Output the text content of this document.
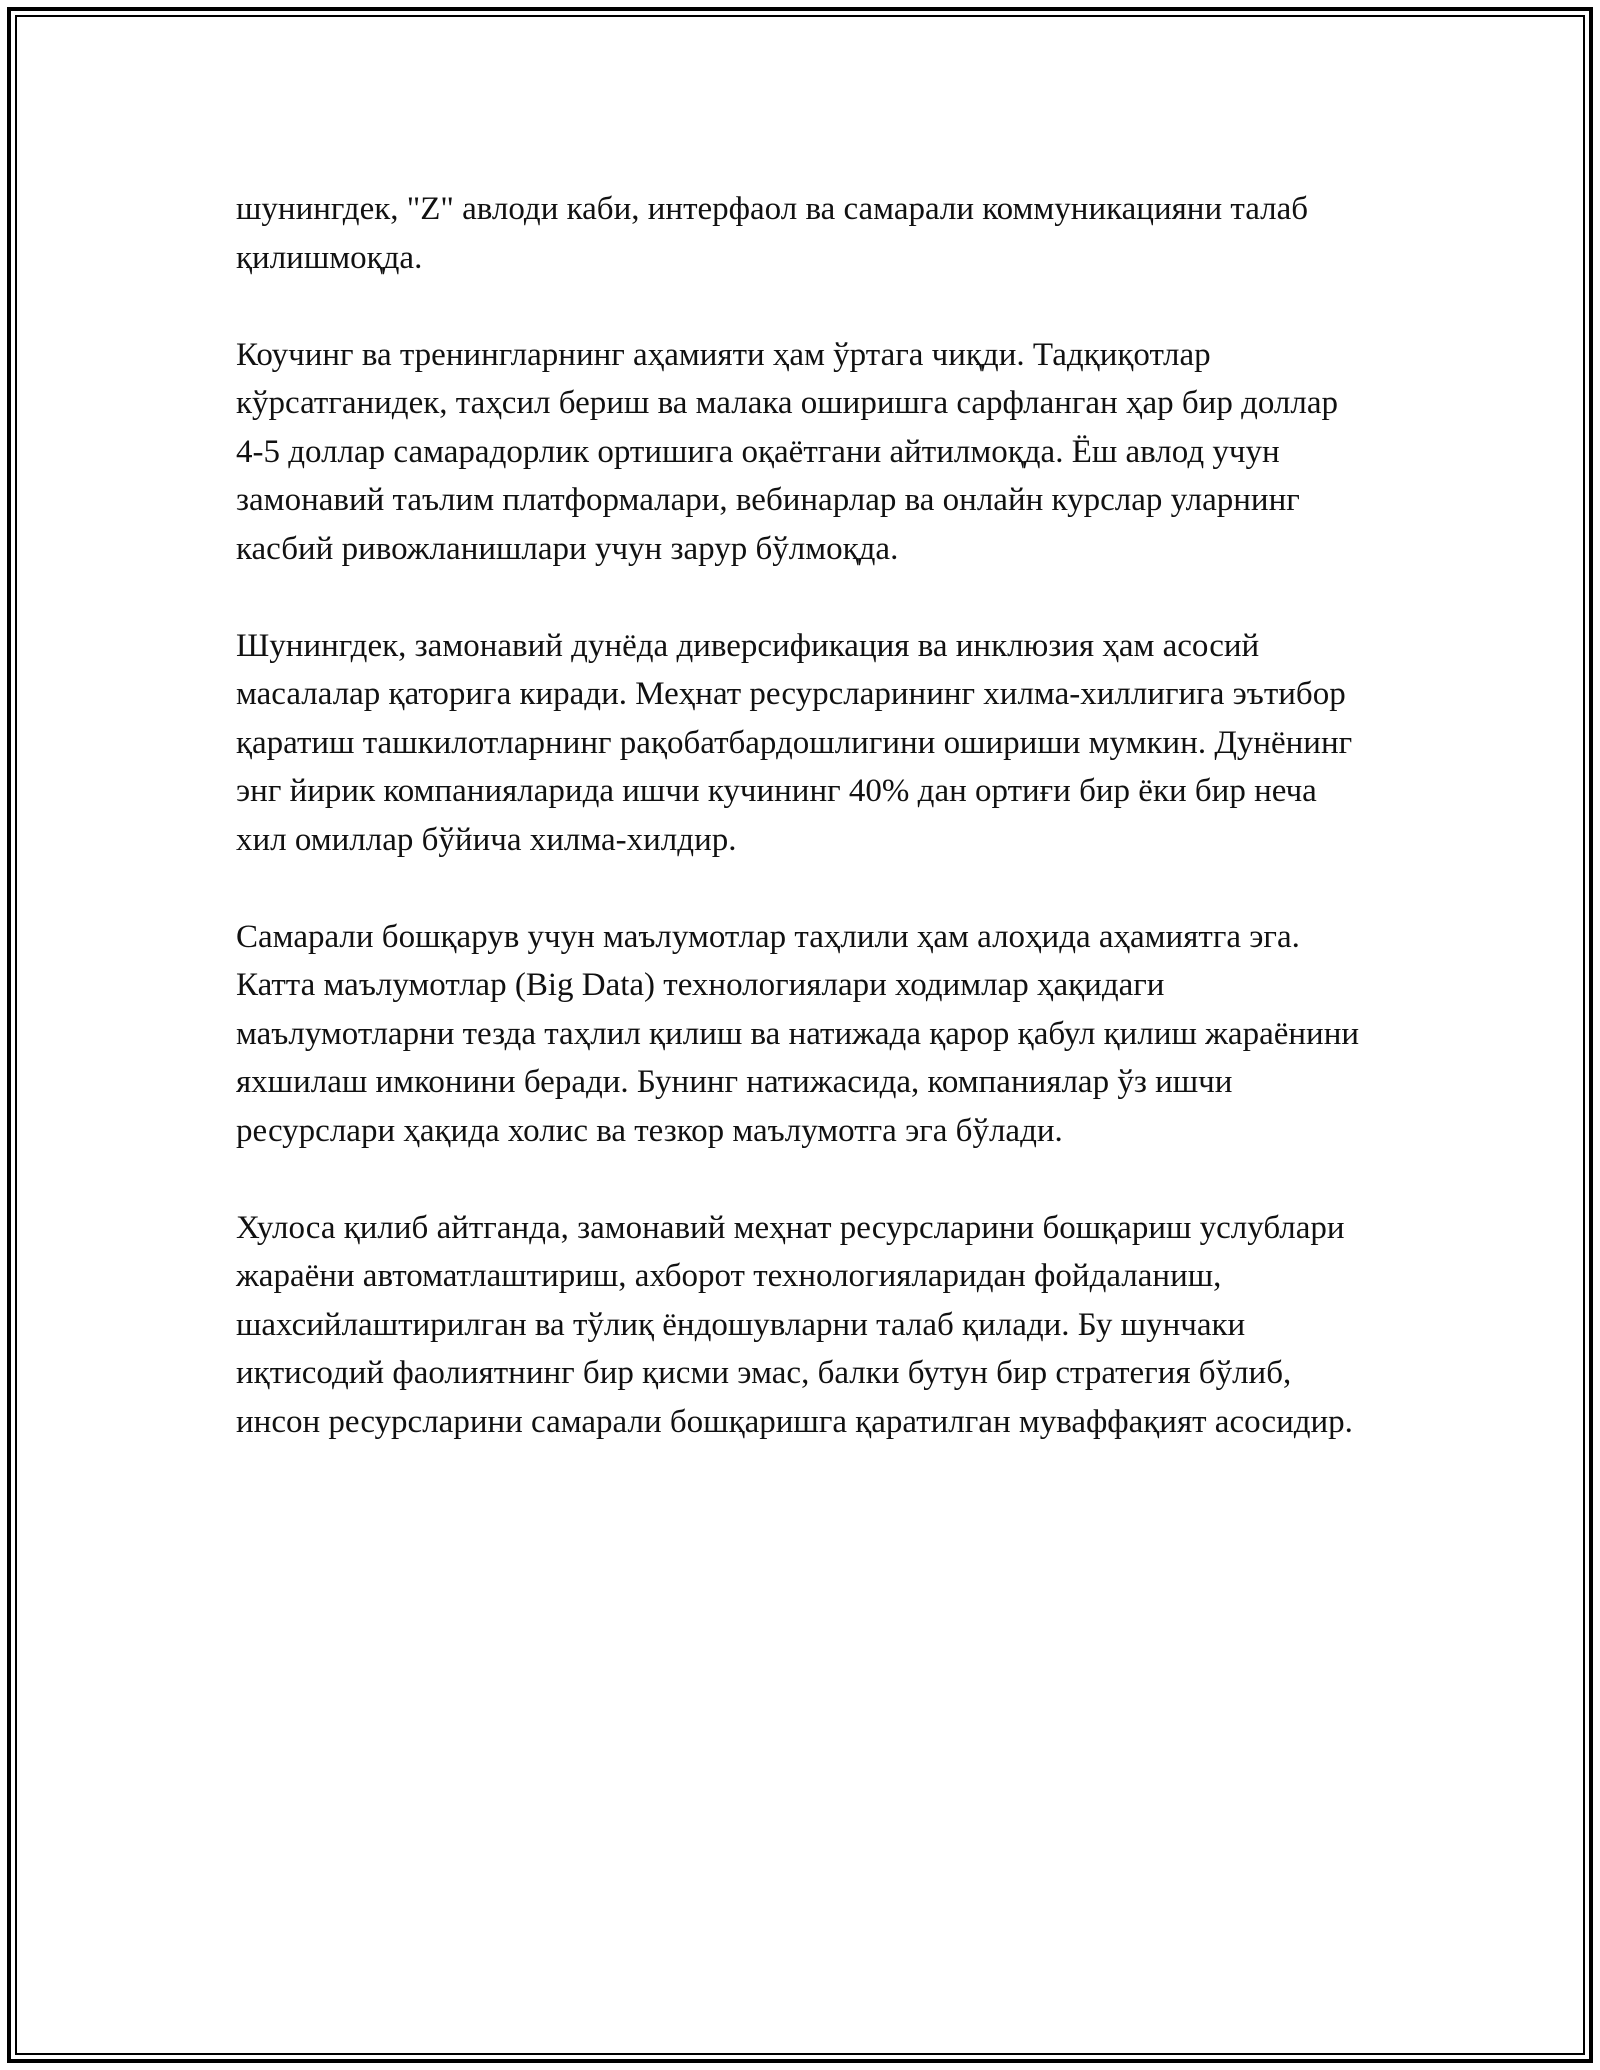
шунингдек, "Z" авлоди каби, интерфаол ва самарали коммуникацияни талаб қилишмоқда.

Коучинг ва тренингларнинг аҳамияти ҳам ўртага чиқди. Тадқиқотлар кўрсатганидек, таҳсил бериш ва малака оширишга сарфланган ҳар бир доллар 4-5 доллар самарадорлик ортишига оқаётгани айтилмоқда. Ёш авлод учун замонавий таълим платформалари, вебинарлар ва онлайн курслар уларнинг касбий ривожланишлари учун зарур бўлмоқда.

Шунингдек, замонавий дунёда диверсификация ва инклюзия ҳам асосий масалалар қаторига киради. Меҳнат ресурсларининг хилма-хиллигига эътибор қаратиш ташкилотларнинг рақобатбардошлигини ошириши мумкин. Дунёнинг энг йирик компанияларида ишчи кучининг 40% дан ортиғи бир ёки бир неча хил омиллар бўйича хилма-хилдир.

Самарали бошқарув учун маълумотлар таҳлили ҳам алоҳида аҳамиятга эга. Катта маълумотлар (Big Data) технологиялари ходимлар ҳақидаги маълумотларни тезда таҳлил қилиш ва натижада қарор қабул қилиш жараёнини яхшилаш имконини беради. Бунинг натижасида, компаниялар ўз ишчи ресурслари ҳақида холис ва тезкор маълумотга эга бўлади.

Хулоса қилиб айтганда, замонавий меҳнат ресурсларини бошқариш услублари жараёни автоматлаштириш, ахборот технологияларидан фойдаланиш, шахсийлаштирилган ва тўлиқ ёндошувларни талаб қилади. Бу шунчаки иқтисодий фаолиятнинг бир қисми эмас, балки бутун бир стратегия бўлиб, инсон ресурсларини самарали бошқаришга қаратилган муваффақият асосидир.
